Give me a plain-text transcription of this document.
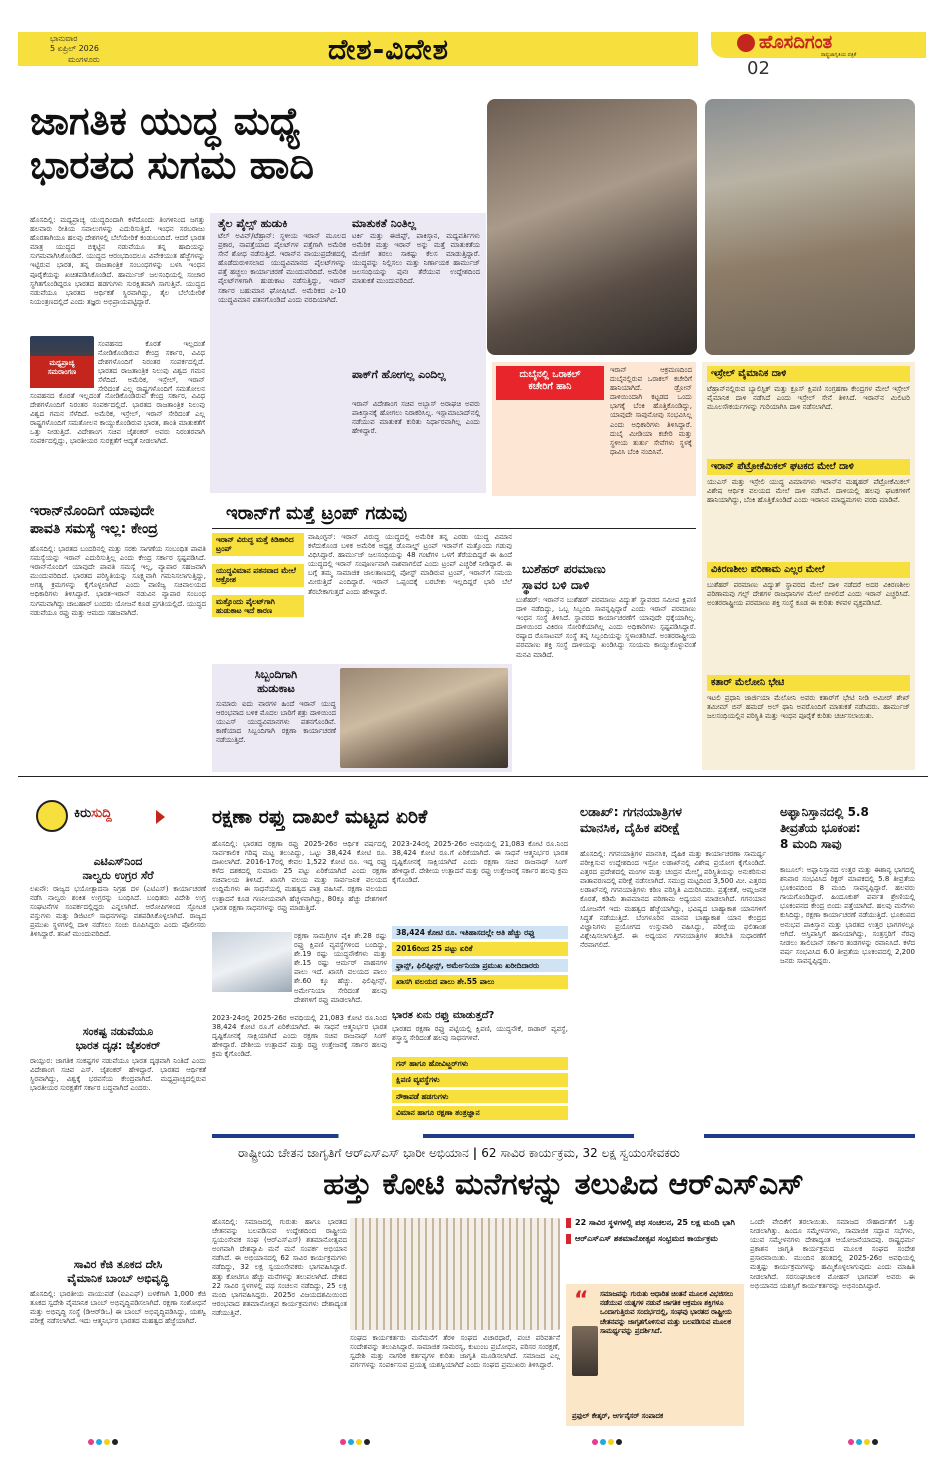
ಭಾನುವಾರ
5 ಏಪ್ರಿಲ್ 2026
ಮಂಗಳೂರು	ದೇಶ-ವಿದೇಶ	ಹೊಸದಿಗಂತ
ರಾಷ್ಟ್ರಜಾಗೃತಿಯ ಪತ್ರಿಕೆ
02
ಜಾಗತಿಕ ಯುದ್ಧ ಮಧ್ಯೆ
ಭಾರತದ ಸುಗಮ ಹಾದಿ
ಹೊಸದಿಲ್ಲಿ: ಮಧ್ಯಪ್ರಾಚ್ಯ ಯುದ್ಧದಿಂದಾಗಿ ಕಳೆದೊಂದು ತಿಂಗಳಿನಿಂದ ಜಗತ್ತು ಹಲವಾರು ರೀತಿಯ ಸವಾಲುಗಳನ್ನು ಎದುರಿಸುತ್ತಿದೆ. ಇಂಧನ ಸರಬರಾಜು ಹೊರತಾಗಿಯೂ ಹಲವು ದೇಶಗಳಲ್ಲಿ ಬೆಲೆಯೇರಿಕೆ ಕಂಡುಬಂದಿದೆ. ಆದರೆ ಭಾರತ ಮಾತ್ರ ಯುದ್ಧದ ಬಿಕ್ಕಟ್ಟಿನ ನಡುವೆಯೂ ತನ್ನ ಹಾದಿಯನ್ನು ಸುಗಮವಾಗಿಸಿಕೊಂಡಿದೆ. ಯುದ್ಧದ ಆರಂಭದಿಂದಲೂ ವಿವೇಕಯುತ ಹೆಜ್ಜೆಗಳನ್ನು ಇಟ್ಟಿರುವ ಭಾರತ, ತನ್ನ ರಾಜತಾಂತ್ರಿಕ ಸಂಬಂಧಗಳನ್ನು ಬಳಸಿ ಇಂಧನ ಪೂರೈಕೆಯನ್ನು ಖಚಿತಪಡಿಸಿಕೊಂಡಿದೆ. ಹಾರ್ಮುಜ್ ಜಲಸಂಧಿಯಲ್ಲಿ ಸಂಚಾರ ಸ್ಥಗಿತಗೊಂಡಿದ್ದರೂ ಭಾರತದ ಹಡಗುಗಳು ಸುರಕ್ಷಿತವಾಗಿ ಸಾಗುತ್ತಿವೆ. ಯುದ್ಧದ ನಡುವೆಯೂ ಭಾರತದ ಆರ್ಥಿಕತೆ ಸ್ಥಿರವಾಗಿದ್ದು, ತೈಲ ಬೆಲೆಯೇರಿಕೆ ನಿಯಂತ್ರಣದಲ್ಲಿದೆ ಎಂದು ತಜ್ಞರು ಅಭಿಪ್ರಾಯಪಟ್ಟಿದ್ದಾರೆ.
ಮಧ್ಯಪ್ರಾಚ್ಯ
ಸಮರಾಂಗಣ
ಸಂವಹನದ ಕೊರತೆ ಇಲ್ಲದಂತೆ ನೋಡಿಕೊಂಡಿರುವ ಕೇಂದ್ರ ಸರ್ಕಾರ, ವಿವಿಧ ದೇಶಗಳೊಂದಿಗೆ ನಿರಂತರ ಸಂಪರ್ಕದಲ್ಲಿದೆ. ಭಾರತದ ರಾಜತಾಂತ್ರಿಕ ನಿಲುವು ವಿಶ್ವದ ಗಮನ ಸೆಳೆದಿದೆ. ಅಮೆರಿಕ, ಇಸ್ರೇಲ್, ಇರಾನ್ ಸೇರಿದಂತೆ ಎಲ್ಲ ರಾಷ್ಟ್ರಗಳೊಂದಿಗೆ ಸಮತೋಲನ
ಸಂವಹನದ ಕೊರತೆ ಇಲ್ಲದಂತೆ ನೋಡಿಕೊಂಡಿರುವ ಕೇಂದ್ರ ಸರ್ಕಾರ, ವಿವಿಧ ದೇಶಗಳೊಂದಿಗೆ ನಿರಂತರ ಸಂಪರ್ಕದಲ್ಲಿದೆ. ಭಾರತದ ರಾಜತಾಂತ್ರಿಕ ನಿಲುವು ವಿಶ್ವದ ಗಮನ ಸೆಳೆದಿದೆ. ಅಮೆರಿಕ, ಇಸ್ರೇಲ್, ಇರಾನ್ ಸೇರಿದಂತೆ ಎಲ್ಲ ರಾಷ್ಟ್ರಗಳೊಂದಿಗೆ ಸಮತೋಲನ ಕಾಯ್ದುಕೊಂಡಿರುವ ಭಾರತ, ಶಾಂತಿ ಮಾತುಕತೆಗೆ ಒತ್ತು ನೀಡುತ್ತಿದೆ. ವಿದೇಶಾಂಗ ಸಚಿವ ಜೈಶಂಕರ್ ಅವರು ನಿರಂತರವಾಗಿ ಸಂಪರ್ಕದಲ್ಲಿದ್ದು, ಭಾರತೀಯರ ಸುರಕ್ಷತೆಗೆ ಆದ್ಯತೆ ನೀಡಲಾಗಿದೆ.
ತೈಲ ಪೈಲ್ಸ್ ಹುಡುಕಿ
ಟೆಲ್ ಅವಿವ್/ಟೆಹ್ರಾನ್: ಸ್ಥಳೀಯ ಇರಾನ್ ಮೂಲದ ಪ್ರಕಾರ, ನಾಪತ್ತೆಯಾದ ಪೈಲಟ್‌ಗಳ ಪತ್ತೆಗಾಗಿ ಅಮೆರಿಕ ಸೇನೆ ಶೋಧ ನಡೆಸುತ್ತಿದೆ. ಇರಾನ್‌ನ ವಾಯುಪ್ರದೇಶದಲ್ಲಿ ಹೊಡೆದುರುಳಿಸಲಾದ ಯುದ್ಧವಿಮಾನದ ಪೈಲಟ್‌ಗಳನ್ನು ಪತ್ತೆ ಹಚ್ಚಲು ಕಾರ್ಯಾಚರಣೆ ಮುಂದುವರಿದಿದೆ. ಅಮೆರಿಕ ಪೈಲಟ್‌ಗಳಿಗಾಗಿ ಹುಡುಕಾಟ ನಡೆಸುತ್ತಿದ್ದು, ಇರಾನ್ ಸರ್ಕಾರ ಬಹುಮಾನ ಘೋಷಿಸಿದೆ. ಅಮೆರಿಕದ ಎ-10 ಯುದ್ಧವಿಮಾನ ಪತನಗೊಂಡಿದೆ ಎಂದು ವರದಿಯಾಗಿದೆ.
ಮಾತುಕತೆ ನಿಂತಿಲ್ಲ
ಟರ್ಕಿ ಮತ್ತು ಈಜಿಪ್ಟ್, ಪಾಕಿಸ್ತಾನ, ಮಧ್ಯವರ್ತಿಗಳು ಅಮೆರಿಕ ಮತ್ತು ಇರಾನ್ ಅನ್ನು ಮತ್ತೆ ಮಾತುಕತೆಯ ಮೇಜಿಗೆ ತರಲು ಸಾಕಷ್ಟು ಕೆಲಸ ಮಾಡುತ್ತಿದ್ದಾರೆ. ಯುದ್ಧವನ್ನು ನಿಲ್ಲಿಸಲು ಮತ್ತು ನಿರ್ಣಾಯಕ ಹಾರ್ಮುಜ್ ಜಲಸಂಧಿಯನ್ನು ಪುನಃ ತೆರೆಯುವ ಉದ್ದೇಶದಿಂದ ಮಾತುಕತೆ ಮುಂದುವರಿದಿದೆ.
ಪಾಕ್‌ಗೆ ಹೋಗಲ್ಲ ಎಂದಿಲ್ಲ
ಇರಾನ್ ವಿದೇಶಾಂಗ ಸಚಿವ ಅಬ್ಬಾಸ್ ಅರಾಘಚಿ ಅವರು ಪಾಕಿಸ್ತಾನಕ್ಕೆ ಹೋಗಲು ನಿರಾಕರಿಸಿಲ್ಲ. ಇಸ್ಲಾಮಾಬಾದ್‌ನಲ್ಲಿ ನಡೆಯುವ ಮಾತುಕತೆ ಕುರಿತು ನಿರ್ಧಾರವಾಗಿಲ್ಲ ಎಂದು ಹೇಳಿದ್ದಾರೆ.
ದುಬೈನಲ್ಲಿ ಒರಾಕಲ್
ಕಚೇರಿಗೆ ಹಾನಿ
ಇರಾನ್ ಆಕ್ರಮಣದಿಂದ ದುಬೈನಲ್ಲಿರುವ ಒರಾಕಲ್ ಕಚೇರಿಗೆ ಹಾನಿಯಾಗಿದೆ. ಡ್ರೋನ್ ದಾಳಿಯಿಂದಾಗಿ ಕಟ್ಟಡದ ಒಂದು ಭಾಗಕ್ಕೆ ಬೆಂಕಿ ಹೊತ್ತಿಕೊಂಡಿದ್ದು, ಯಾವುದೇ ಸಾವುನೋವು ಸಂಭವಿಸಿಲ್ಲ ಎಂದು ಅಧಿಕಾರಿಗಳು ತಿಳಿಸಿದ್ದಾರೆ. ದುಬೈ ಮೀಡಿಯಾ ಕಚೇರಿ ಮತ್ತು ಸ್ಥಳೀಯ ತುರ್ತು ಸೇವೆಗಳು ಸ್ಥಳಕ್ಕೆ ಧಾವಿಸಿ ಬೆಂಕಿ ನಂದಿಸಿವೆ.
ಇಸ್ರೇಲ್ ವೈಮಾನಿಕ ದಾಳಿ
ಟೆಹ್ರಾನ್‌ನಲ್ಲಿರುವ ಬ್ಯಾಲಿಸ್ಟಿಕ್ ಮತ್ತು ಕ್ರೂಸ್ ಕ್ಷಿಪಣಿ ಸಂಗ್ರಹಣಾ ಕೇಂದ್ರಗಳ ಮೇಲೆ ಇಸ್ರೇಲ್ ವೈಮಾನಿಕ ದಾಳಿ ನಡೆಸಿದೆ ಎಂದು ಇಸ್ರೇಲ್ ಸೇನೆ ತಿಳಿಸಿದೆ. ಇರಾನ್‌ನ ಮಿಲಿಟರಿ ಮೂಲಸೌಕರ್ಯಗಳನ್ನು ಗುರಿಯಾಗಿಸಿ ದಾಳಿ ನಡೆಸಲಾಗಿದೆ.
ಇರಾನ್ ಪೆಟ್ರೋಕೆಮಿಕಲ್ ಘಟಕದ ಮೇಲೆ ದಾಳಿ
ಯುಎಸ್ ಮತ್ತು ಇಸ್ರೇಲಿ ಯುದ್ಧ ವಿಮಾನಗಳು ಇರಾನ್‌ನ ಮಹ್ಶಹರ್ ಪೆಟ್ರೋಕೆಮಿಕಲ್ ವಿಶೇಷ ಆರ್ಥಿಕ ವಲಯದ ಮೇಲೆ ದಾಳಿ ನಡೆಸಿವೆ. ದಾಳಿಯಲ್ಲಿ ಹಲವು ಘಟಕಗಳಿಗೆ ಹಾನಿಯಾಗಿದ್ದು, ಬೆಂಕಿ ಹೊತ್ತಿಕೊಂಡಿದೆ ಎಂದು ಇರಾನಿನ ಮಾಧ್ಯಮಗಳು ವರದಿ ಮಾಡಿವೆ.
ವಿಕಿರಣಶೀಲ ಪರಿಣಾಮ ಎಲ್ಲರ ಮೇಲೆ
ಬುಶೆಹರ್ ಪರಮಾಣು ವಿದ್ಯುತ್ ಸ್ಥಾವರದ ಮೇಲೆ ದಾಳಿ ನಡೆದರೆ ಅದರ ವಿಕಿರಣಶೀಲ ಪರಿಣಾಮವು ಗಲ್ಫ್ ದೇಶಗಳ ರಾಜಧಾನಿಗಳ ಮೇಲೆ ಬೀಳಲಿದೆ ಎಂದು ಇರಾನ್ ಎಚ್ಚರಿಸಿದೆ. ಅಂತರರಾಷ್ಟ್ರೀಯ ಪರಮಾಣು ಶಕ್ತಿ ಸಂಸ್ಥೆ ಕೂಡ ಈ ಕುರಿತು ಕಳವಳ ವ್ಯಕ್ತಪಡಿಸಿದೆ.
ಕತಾರ್ ಮೆಲೋನಿ ಭೇಟಿ
ಇಟಲಿ ಪ್ರಧಾನಿ ಜಾರ್ಜಿಯಾ ಮೆಲೋನಿ ಅವರು ಕತಾರ್‌ಗೆ ಭೇಟಿ ನೀಡಿ ಅಮೀರ್ ಶೇಖ್ ತಮೀಮ್ ಬಿನ್ ಹಮದ್ ಅಲ್ ಥಾನಿ ಅವರೊಂದಿಗೆ ಮಾತುಕತೆ ನಡೆಸಿದರು. ಹಾರ್ಮುಜ್ ಜಲಸಂಧಿಯಲ್ಲಿನ ಪರಿಸ್ಥಿತಿ ಮತ್ತು ಇಂಧನ ಪೂರೈಕೆ ಕುರಿತು ಚರ್ಚಿಸಲಾಯಿತು.
ಇರಾನ್‌ನೊಂದಿಗೆ ಯಾವುದೇ
ಪಾವತಿ ಸಮಸ್ಯೆ ಇಲ್ಲ: ಕೇಂದ್ರ
ಹೊಸದಿಲ್ಲಿ: ಭಾರತದ ಬಂದರಿನಲ್ಲಿ ಮತ್ತು ಸರಕು ಸಾಗಣೆಯ ಸಂಬಂಧಿತ ಪಾವತಿ ಸಮಸ್ಯೆಯನ್ನು ಇರಾನ್ ಎದುರಿಸುತ್ತಿಲ್ಲ ಎಂದು ಕೇಂದ್ರ ಸರ್ಕಾರ ಸ್ಪಷ್ಟಪಡಿಸಿದೆ. ಇರಾನ್‌ನೊಂದಿಗೆ ಯಾವುದೇ ಪಾವತಿ ಸಮಸ್ಯೆ ಇಲ್ಲ, ವ್ಯಾಪಾರ ಸಹಜವಾಗಿ ಮುಂದುವರಿದಿದೆ. ಭಾರತದ ಪರಿಸ್ಥಿತಿಯನ್ನು ಸೂಕ್ಷ್ಮವಾಗಿ ಗಮನಿಸಲಾಗುತ್ತಿದ್ದು, ಅಗತ್ಯ ಕ್ರಮಗಳನ್ನು ಕೈಗೊಳ್ಳಲಾಗಿದೆ ಎಂದು ವಾಣಿಜ್ಯ ಸಚಿವಾಲಯದ ಅಧಿಕಾರಿಗಳು ತಿಳಿಸಿದ್ದಾರೆ. ಭಾರತ-ಇರಾನ್ ನಡುವಿನ ವ್ಯಾಪಾರ ಸಂಬಂಧ ಸುಗಮವಾಗಿದ್ದು ಚಾಬಹಾರ್ ಬಂದರು ಯೋಜನೆ ಕೂಡ ಪ್ರಗತಿಯಲ್ಲಿದೆ. ಯುದ್ಧದ ನಡುವೆಯೂ ರಫ್ತು ಮತ್ತು ಆಮದು ಸಹಜವಾಗಿದೆ.
ಇರಾನ್‌ಗೆ ಮತ್ತೆ ಟ್ರಂಪ್ ಗಡುವು
ಇರಾನ್ ವಿರುದ್ಧ ಮತ್ತೆ ಕಿಡಿಕಾರಿದ ಟ್ರಂಪ್
ಯುದ್ಧವಿಮಾನ ಪತನವಾದ ಮೇಲೆ ಆಕ್ರೋಶ
ಮತ್ತೊಂದು ಪೈಲಟ್‌ಗಾಗಿ ಹುಡುಕಾಟ ಇದೆ ಕಾರಣ
ವಾಷಿಂಗ್ಟನ್: ಇರಾನ್ ವಿರುದ್ಧ ಯುದ್ಧದಲ್ಲಿ ಅಮೆರಿಕ ತನ್ನ ಎರಡು ಯುದ್ಧ ವಿಮಾನ ಕಳೆದುಕೊಂಡ ಬಳಿಕ ಅಮೆರಿಕ ಅಧ್ಯಕ್ಷ ಡೊನಾಲ್ಡ್ ಟ್ರಂಪ್ ಇರಾನ್‌ಗೆ ಮತ್ತೊಂದು ಗಡುವು ವಿಧಿಸಿದ್ದಾರೆ. ಹಾರ್ಮುಜ್ ಜಲಸಂಧಿಯನ್ನು 48 ಗಂಟೆಗಳ ಒಳಗೆ ತೆರೆಯದಿದ್ದರೆ ಈ ಹಿಂದೆ ಯುದ್ಧದಲ್ಲಿ ಇರಾನ್ ಸಂಪೂರ್ಣವಾಗಿ ನಾಶವಾಗಲಿದೆ ಎಂದು ಟ್ರಂಪ್ ಎಚ್ಚರಿಕೆ ನೀಡಿದ್ದಾರೆ. ಈ ಬಗ್ಗೆ ತಮ್ಮ ಸಾಮಾಜಿಕ ಜಾಲತಾಣದಲ್ಲಿ ಪೋಸ್ಟ್ ಮಾಡಿರುವ ಟ್ರಂಪ್, ಇರಾನ್‌ಗೆ ಸಮಯ ಮೀರುತ್ತಿದೆ ಎಂದಿದ್ದಾರೆ. ಇರಾನ್ ಒಪ್ಪಂದಕ್ಕೆ ಬರಬೇಕು ಇಲ್ಲದಿದ್ದರೆ ಭಾರಿ ಬೆಲೆ ತೆರಬೇಕಾಗುತ್ತದೆ ಎಂದು ಹೇಳಿದ್ದಾರೆ.
ಬುಶೆಹರ್ ಪರಮಾಣು
ಸ್ಥಾವರ ಬಳಿ ದಾಳಿ
ಬುಶೆಹರ್: ಇರಾನ್‌ನ ಬುಶೆಹರ್ ಪರಮಾಣು ವಿದ್ಯುತ್ ಸ್ಥಾವರದ ಸಮೀಪ ಕ್ಷಿಪಣಿ ದಾಳಿ ನಡೆದಿದ್ದು, ಒಬ್ಬ ಸಿಬ್ಬಂದಿ ಸಾವನ್ನಪ್ಪಿದ್ದಾರೆ ಎಂದು ಇರಾನ್ ಪರಮಾಣು ಇಂಧನ ಸಂಸ್ಥೆ ತಿಳಿಸಿದೆ. ಸ್ಥಾವರದ ಕಾರ್ಯಾಚರಣೆಗೆ ಯಾವುದೇ ಧಕ್ಕೆಯಾಗಿಲ್ಲ. ದಾಳಿಯಿಂದ ವಿಕಿರಣ ಸೋರಿಕೆಯಾಗಿಲ್ಲ ಎಂದು ಅಧಿಕಾರಿಗಳು ಸ್ಪಷ್ಟಪಡಿಸಿದ್ದಾರೆ. ರಷ್ಯಾದ ರೊಸಾಟಮ್ ಸಂಸ್ಥೆ ತನ್ನ ಸಿಬ್ಬಂದಿಯನ್ನು ಸ್ಥಳಾಂತರಿಸಿದೆ. ಅಂತರರಾಷ್ಟ್ರೀಯ ಪರಮಾಣು ಶಕ್ತಿ ಸಂಸ್ಥೆ ದಾಳಿಯನ್ನು ಖಂಡಿಸಿದ್ದು ಸಂಯಮ ಕಾಯ್ದುಕೊಳ್ಳುವಂತೆ ಮನವಿ ಮಾಡಿದೆ.
ಸಿಬ್ಬಂದಿಗಾಗಿ
ಹುಡುಕಾಟ
ಸುಮಾರು ಐದು ವಾರಗಳ ಹಿಂದೆ ಇರಾನ್ ಯುದ್ಧ ಆರಂಭವಾದ ಬಳಿಕ ಮೊದಲ ಬಾರಿಗೆ ಶತ್ರು ದಾಳಿಯಿಂದ ಯುಎಸ್ ಯುದ್ಧವಿಮಾನಗಳು ಪತನಗೊಂಡಿವೆ. ಕಾಣೆಯಾದ ಸಿಬ್ಬಂದಿಗಾಗಿ ರಕ್ಷಣಾ ಕಾರ್ಯಾಚರಣೆ ನಡೆಯುತ್ತಿದೆ.
ಕಿರುಸುದ್ದಿ
ಎಟಿಎಸ್‌ನಿಂದ
ನಾಲ್ವರು ಉಗ್ರರ ಸೆರೆ
ಲಖನೌ: ರಾಜ್ಯದ ಭಯೋತ್ಪಾದನಾ ನಿಗ್ರಹ ದಳ (ಎಟಿಎಸ್) ಕಾರ್ಯಾಚರಣೆ ನಡೆಸಿ ನಾಲ್ವರು ಶಂಕಿತ ಉಗ್ರರನ್ನು ಬಂಧಿಸಿದೆ. ಬಂಧಿತರು ವಿದೇಶಿ ಉಗ್ರ ಸಂಘಟನೆಗಳ ಸಂಪರ್ಕದಲ್ಲಿದ್ದರು ಎನ್ನಲಾಗಿದೆ. ಆರೋಪಿಗಳಿಂದ ಸ್ಫೋಟಕ ವಸ್ತುಗಳು ಮತ್ತು ಡಿಜಿಟಲ್ ಸಾಧನಗಳನ್ನು ವಶಪಡಿಸಿಕೊಳ್ಳಲಾಗಿದೆ. ರಾಜ್ಯದ ಪ್ರಮುಖ ಸ್ಥಳಗಳಲ್ಲಿ ದಾಳಿ ನಡೆಸಲು ಸಂಚು ರೂಪಿಸಿದ್ದರು ಎಂದು ಪೊಲೀಸರು ತಿಳಿಸಿದ್ದಾರೆ. ತನಿಖೆ ಮುಂದುವರಿದಿದೆ.
ಸಂಕಷ್ಟ ನಡುವೆಯೂ
ಭಾರತ ದೃಢ: ಜೈಶಂಕರ್
ರಾಯ್ಪುರ: ಜಾಗತಿಕ ಸಂಕಷ್ಟಗಳ ನಡುವೆಯೂ ಭಾರತ ದೃಢವಾಗಿ ನಿಂತಿದೆ ಎಂದು ವಿದೇಶಾಂಗ ಸಚಿವ ಎಸ್. ಜೈಶಂಕರ್ ಹೇಳಿದ್ದಾರೆ. ಭಾರತದ ಆರ್ಥಿಕತೆ ಸ್ಥಿರವಾಗಿದ್ದು, ವಿಶ್ವಕ್ಕೆ ಭರವಸೆಯ ಕೇಂದ್ರವಾಗಿದೆ. ಮಧ್ಯಪ್ರಾಚ್ಯದಲ್ಲಿರುವ ಭಾರತೀಯರ ಸುರಕ್ಷತೆಗೆ ಸರ್ಕಾರ ಬದ್ಧವಾಗಿದೆ ಎಂದರು.
ಸಾವಿರ ಕೆಜಿ ತೂಕದ ದೇಸಿ
ವೈಮಾನಿಕ ಬಾಂಬ್ ಅಭಿವೃದ್ಧಿ
ಹೊಸದಿಲ್ಲಿ: ಭಾರತೀಯ ವಾಯುಪಡೆ (ಐಎಎಫ್) ಬಳಕೆಗಾಗಿ 1,000 ಕೆಜಿ ತೂಕದ ಸ್ವದೇಶಿ ವೈಮಾನಿಕ ಬಾಂಬ್ ಅಭಿವೃದ್ಧಿಪಡಿಸಲಾಗಿದೆ. ರಕ್ಷಣಾ ಸಂಶೋಧನೆ ಮತ್ತು ಅಭಿವೃದ್ಧಿ ಸಂಸ್ಥೆ (ಡಿಆರ್‌ಡಿಒ) ಈ ಬಾಂಬ್ ಅಭಿವೃದ್ಧಿಪಡಿಸಿದ್ದು, ಯಶಸ್ವಿ ಪರೀಕ್ಷೆ ನಡೆಸಲಾಗಿದೆ. ಇದು ಆತ್ಮನಿರ್ಭರ ಭಾರತದ ಮಹತ್ವದ ಹೆಜ್ಜೆಯಾಗಿದೆ.
ರಕ್ಷಣಾ ರಫ್ತು ದಾಖಲೆ ಮಟ್ಟದ ಏರಿಕೆ
ಹೊಸದಿಲ್ಲಿ: ಭಾರತದ ರಕ್ಷಣಾ ರಫ್ತು 2025-26ರ ಆರ್ಥಿಕ ವರ್ಷದಲ್ಲಿ ಸಾರ್ವಕಾಲಿಕ ಗರಿಷ್ಠ ಮಟ್ಟ ತಲುಪಿದ್ದು, ಒಟ್ಟು 38,424 ಕೋಟಿ ರೂ. ದಾಖಲಾಗಿದೆ. 2016-17ರಲ್ಲಿ ಕೇವಲ 1,522 ಕೋಟಿ ರೂ. ಇದ್ದ ರಫ್ತು ಕಳೆದ ದಶಕದಲ್ಲಿ ಸುಮಾರು 25 ಪಟ್ಟು ಏರಿಕೆಯಾಗಿದೆ ಎಂದು ರಕ್ಷಣಾ ಸಚಿವಾಲಯ ತಿಳಿಸಿದೆ. ಖಾಸಗಿ ವಲಯ ಮತ್ತು ಸಾರ್ವಜನಿಕ ವಲಯದ ಉದ್ದಿಮೆಗಳು ಈ ಸಾಧನೆಯಲ್ಲಿ ಮಹತ್ವದ ಪಾತ್ರ ವಹಿಸಿವೆ. ರಕ್ಷಣಾ ವಲಯದ ಉತ್ಪಾದನೆ ಕೂಡ ಗಣನೀಯವಾಗಿ ಹೆಚ್ಚಳವಾಗಿದ್ದು, 80ಕ್ಕೂ ಹೆಚ್ಚು ದೇಶಗಳಿಗೆ ಭಾರತ ರಕ್ಷಣಾ ಸಾಧನಗಳನ್ನು ರಫ್ತು ಮಾಡುತ್ತಿದೆ.
ರಕ್ಷಣಾ ಸಾಮಗ್ರಿಗಳ ಪೈಕಿ ಶೇ.28 ರಷ್ಟು ರಫ್ತು ಕ್ಷಿಪಣಿ ವ್ಯವಸ್ಥೆಗಳಿಂದ ಬಂದಿದ್ದು, ಶೇ.19 ರಷ್ಟು ಯುದ್ಧನೌಕೆಗಳು ಮತ್ತು ಶೇ.15 ರಷ್ಟು ಆರ್ಮರ್ ವಾಹನಗಳ ಪಾಲು ಇದೆ. ಖಾಸಗಿ ವಲಯದ ಪಾಲು ಶೇ.60 ಕ್ಕೂ ಹೆಚ್ಚು. ಫಿಲಿಪ್ಪೀನ್ಸ್, ಅರ್ಮೇನಿಯಾ ಸೇರಿದಂತೆ ಹಲವು ದೇಶಗಳಿಗೆ ರಫ್ತು ಮಾಡಲಾಗಿದೆ.
2023-24ರಲ್ಲಿ 2025-26ರ ಅವಧಿಯಲ್ಲಿ 21,083 ಕೋಟಿ ರೂ.ನಿಂದ 38,424 ಕೋಟಿ ರೂ.ಗೆ ಏರಿಕೆಯಾಗಿದೆ. ಈ ಸಾಧನೆ ಆತ್ಮನಿರ್ಭರ ಭಾರತ ದೃಷ್ಟಿಕೋನಕ್ಕೆ ಸಾಕ್ಷಿಯಾಗಿದೆ ಎಂದು ರಕ್ಷಣಾ ಸಚಿವ ರಾಜನಾಥ್ ಸಿಂಗ್ ಹೇಳಿದ್ದಾರೆ. ದೇಶೀಯ ಉತ್ಪಾದನೆ ಮತ್ತು ರಫ್ತು ಉತ್ತೇಜನಕ್ಕೆ ಸರ್ಕಾರ ಹಲವು ಕ್ರಮ ಕೈಗೊಂಡಿದೆ.
2023-24ರಲ್ಲಿ 2025-26ರ ಅವಧಿಯಲ್ಲಿ 21,083 ಕೋಟಿ ರೂ.ನಿಂದ 38,424 ಕೋಟಿ ರೂ.ಗೆ ಏರಿಕೆಯಾಗಿದೆ. ಈ ಸಾಧನೆ ಆತ್ಮನಿರ್ಭರ ಭಾರತ ದೃಷ್ಟಿಕೋನಕ್ಕೆ ಸಾಕ್ಷಿಯಾಗಿದೆ ಎಂದು ರಕ್ಷಣಾ ಸಚಿವ ರಾಜನಾಥ್ ಸಿಂಗ್ ಹೇಳಿದ್ದಾರೆ. ದೇಶೀಯ ಉತ್ಪಾದನೆ ಮತ್ತು ರಫ್ತು ಉತ್ತೇಜನಕ್ಕೆ ಸರ್ಕಾರ ಹಲವು ಕ್ರಮ ಕೈಗೊಂಡಿದೆ.
38,424 ಕೋಟಿ ರೂ. ಇತಿಹಾಸದಲ್ಲೇ ಅತಿ ಹೆಚ್ಚು ರಫ್ತು
2016ರಿಂದ 25 ಪಟ್ಟು ಏರಿಕೆ
ಫ್ರಾನ್ಸ್, ಫಿಲಿಪ್ಪೀನ್ಸ್, ಅರ್ಮೇನಿಯಾ ಪ್ರಮುಖ ಖರೀದಿದಾರರು
ಖಾಸಗಿ ವಲಯದ ಪಾಲು ಶೇ.55 ಪಾಲು
ಭಾರತ ಏನು ರಫ್ತು ಮಾಡುತ್ತದೆ?
ಭಾರತದ ರಕ್ಷಣಾ ರಫ್ತು ಪಟ್ಟಿಯಲ್ಲಿ ಕ್ಷಿಪಣಿ, ಯುದ್ಧನೌಕೆ, ರಾಡಾರ್ ವ್ಯವಸ್ಥೆ, ಶಸ್ತ್ರಾಸ್ತ್ರ ಸೇರಿದಂತೆ ಹಲವು ಸಾಧನಗಳಿವೆ.
ಗನ್ ಹಾಗೂ ಹೋವಿಟ್ಜರ್‌ಗಳು
ಕ್ಷಿಪಣಿ ವ್ಯವಸ್ಥೆಗಳು
ನೌಕಾಪಡೆ ಹಡಗುಗಳು
ವಿಮಾನ ಹಾಗೂ ರಕ್ಷಣಾ ತಂತ್ರಜ್ಞಾನ
ಲಡಾಖ್: ಗಗನಯಾತ್ರಿಗಳ
ಮಾನಸಿಕ, ದೈಹಿಕ ಪರೀಕ್ಷೆ
ಹೊಸದಿಲ್ಲಿ: ಗಗನಯಾತ್ರಿಗಳ ಮಾನಸಿಕ, ದೈಹಿಕ ಮತ್ತು ಕಾರ್ಯಾಚರಣಾ ಸಾಮರ್ಥ್ಯ ಪರೀಕ್ಷಿಸುವ ಉದ್ದೇಶದಿಂದ ಇಸ್ರೋ ಲಡಾಖ್‌ನಲ್ಲಿ ವಿಶೇಷ ಪ್ರಯೋಗ ಕೈಗೊಂಡಿದೆ. ಎತ್ತರದ ಪ್ರದೇಶದಲ್ಲಿ ಮಂಗಳ ಮತ್ತು ಚಂದ್ರನ ಮೇಲ್ಮೈ ಪರಿಸ್ಥಿತಿಯನ್ನು ಅನುಕರಿಸುವ ವಾತಾವರಣದಲ್ಲಿ ಪರೀಕ್ಷೆ ನಡೆಸಲಾಗಿದೆ. ಸಮುದ್ರ ಮಟ್ಟದಿಂದ 3,500 ಮೀ. ಎತ್ತರದ ಲಡಾಖ್‌ನಲ್ಲಿ ಗಗನಯಾತ್ರಿಗಳು ಕಠಿಣ ಪರಿಸ್ಥಿತಿ ಎದುರಿಸಿದರು. ಪ್ರತ್ಯೇಕತೆ, ಆಮ್ಲಜನಕ ಕೊರತೆ, ಕಡಿಮೆ ತಾಪಮಾನದ ಪರಿಣಾಮ ಅಧ್ಯಯನ ಮಾಡಲಾಗಿದೆ. ಗಗನಯಾನ ಯೋಜನೆಗೆ ಇದು ಮಹತ್ವದ ಹೆಜ್ಜೆಯಾಗಿದ್ದು, ಭವಿಷ್ಯದ ಬಾಹ್ಯಾಕಾಶ ಯಾನಗಳಿಗೆ ಸಿದ್ಧತೆ ನಡೆಯುತ್ತಿದೆ. ಬೆಂಗಳೂರಿನ ಮಾನವ ಬಾಹ್ಯಾಕಾಶ ಯಾನ ಕೇಂದ್ರದ ವಿಜ್ಞಾನಿಗಳು ಪ್ರಯೋಗದ ಉಸ್ತುವಾರಿ ವಹಿಸಿದ್ದು, ಪರೀಕ್ಷೆಯ ಫಲಿತಾಂಶ ವಿಶ್ಲೇಷಿಸಲಾಗುತ್ತಿದೆ. ಈ ಅಧ್ಯಯನ ಗಗನಯಾತ್ರಿಗಳ ತರಬೇತಿ ಸುಧಾರಣೆಗೆ ನೆರವಾಗಲಿದೆ.
ಅಫ್ಘಾನಿಸ್ತಾನದಲ್ಲಿ 5.8
ತೀವ್ರತೆಯ ಭೂಕಂಪ:
8 ಮಂದಿ ಸಾವು
ಕಾಬೂಲ್: ಅಫ್ಘಾನಿಸ್ತಾನದ ಉತ್ತರ ಮತ್ತು ಈಶಾನ್ಯ ಭಾಗದಲ್ಲಿ ಶನಿವಾರ ಸಂಭವಿಸಿದ ರಿಕ್ಟರ್ ಮಾಪಕದಲ್ಲಿ 5.8 ತೀವ್ರತೆಯ ಭೂಕಂಪದಿಂದ 8 ಮಂದಿ ಸಾವನ್ನಪ್ಪಿದ್ದಾರೆ. ಹಲವರು ಗಾಯಗೊಂಡಿದ್ದಾರೆ. ಹಿಂದೂಕುಶ್ ಪರ್ವತ ಶ್ರೇಣಿಯಲ್ಲಿ ಭೂಕಂಪನದ ಕೇಂದ್ರ ಬಿಂದು ಪತ್ತೆಯಾಗಿದೆ. ಹಲವು ಮನೆಗಳು ಕುಸಿದಿದ್ದು, ರಕ್ಷಣಾ ಕಾರ್ಯಾಚರಣೆ ನಡೆಯುತ್ತಿದೆ. ಭೂಕಂಪದ ಅನುಭವ ಪಾಕಿಸ್ತಾನ ಮತ್ತು ಭಾರತದ ಉತ್ತರ ಭಾಗಗಳಲ್ಲೂ ಆಗಿದೆ. ಆಸ್ತಿಪಾಸ್ತಿಗೆ ಹಾನಿಯಾಗಿದ್ದು, ಸಂತ್ರಸ್ತರಿಗೆ ನೆರವು ನೀಡಲು ತಾಲಿಬಾನ್ ಸರ್ಕಾರ ತಂಡಗಳನ್ನು ರವಾನಿಸಿದೆ. ಕಳೆದ ವರ್ಷ ಸಂಭವಿಸಿದ 6.0 ತೀವ್ರತೆಯ ಭೂಕಂಪದಲ್ಲಿ 2,200 ಜನರು ಸಾವನ್ನಪ್ಪಿದ್ದರು.
ರಾಷ್ಟ್ರೀಯ ಚೇತನ ಜಾಗೃತಿಗೆ ಆರ್‌ಎಸ್‌ಎಸ್ ಭಾರೀ ಅಭಿಯಾನ | 62 ಸಾವಿರ ಕಾರ್ಯಕ್ರಮ, 32 ಲಕ್ಷ ಸ್ವಯಂಸೇವಕರು
ಹತ್ತು ಕೋಟಿ ಮನೆಗಳನ್ನು ತಲುಪಿದ ಆರ್‌ಎಸ್‌ಎಸ್
ಹೊಸದಿಲ್ಲಿ: ಸಮಾಜದಲ್ಲಿ ಗುರುತು ಹಾಗೂ ಭಾರತದ ಚೇತನವನ್ನು ಬಲಪಡಿಸುವ ಉದ್ದೇಶದಿಂದ ರಾಷ್ಟ್ರೀಯ ಸ್ವಯಂಸೇವಕ ಸಂಘ (ಆರ್‌ಎಸ್‌ಎಸ್) ಶತಮಾನೋತ್ಸವದ ಅಂಗವಾಗಿ ದೇಶವ್ಯಾಪಿ ಮನೆ ಮನೆ ಸಂಪರ್ಕ ಅಭಿಯಾನ ನಡೆಸಿದೆ. ಈ ಅಭಿಯಾನದಲ್ಲಿ 62 ಸಾವಿರ ಕಾರ್ಯಕ್ರಮಗಳು ನಡೆದಿದ್ದು, 32 ಲಕ್ಷ ಸ್ವಯಂಸೇವಕರು ಭಾಗವಹಿಸಿದ್ದಾರೆ. ಹತ್ತು ಕೋಟಿಗೂ ಹೆಚ್ಚು ಮನೆಗಳನ್ನು ತಲುಪಲಾಗಿದೆ. ದೇಶದ 22 ಸಾವಿರ ಸ್ಥಳಗಳಲ್ಲಿ ಪಥ ಸಂಚಲನ ನಡೆದಿದ್ದು, 25 ಲಕ್ಷ ಮಂದಿ ಭಾಗವಹಿಸಿದ್ದರು. 2025ರ ವಿಜಯದಶಮಿಯಿಂದ ಆರಂಭವಾದ ಶತಮಾನೋತ್ಸವ ಕಾರ್ಯಕ್ರಮಗಳು ದೇಶಾದ್ಯಂತ ನಡೆಯುತ್ತಿವೆ.
ಸಂಘದ ಕಾರ್ಯಕರ್ತರು ಮನೆಮನೆಗೆ ತೆರಳಿ ಸಂಘದ ವಿಚಾರಧಾರೆ, ಪಂಚ ಪರಿವರ್ತನೆ ಸಂದೇಶವನ್ನು ತಲುಪಿಸಿದ್ದಾರೆ. ಸಾಮಾಜಿಕ ಸಾಮರಸ್ಯ, ಕುಟುಂಬ ಪ್ರಬೋಧನ, ಪರಿಸರ ಸಂರಕ್ಷಣೆ, ಸ್ವದೇಶಿ ಮತ್ತು ನಾಗರಿಕ ಕರ್ತವ್ಯಗಳ ಕುರಿತು ಜಾಗೃತಿ ಮೂಡಿಸಲಾಗಿದೆ. ಸಮಾಜದ ಎಲ್ಲ ವರ್ಗಗಳನ್ನು ಸಂಪರ್ಕಿಸುವ ಪ್ರಯತ್ನ ಯಶಸ್ವಿಯಾಗಿದೆ ಎಂದು ಸಂಘದ ಪ್ರಮುಖರು ತಿಳಿಸಿದ್ದಾರೆ.
22 ಸಾವಿರ ಸ್ಥಳಗಳಲ್ಲಿ ಪಥ ಸಂಚಲನ, 25 ಲಕ್ಷ ಮಂದಿ ಭಾಗಿ
ಆರ್‌ಎಸ್‌ಎಸ್ ಶತಮಾನೋತ್ಸವ ಸಂಭ್ರಮದ ಕಾರ್ಯಕ್ರಮ
“ ಸಮಾಜವನ್ನು ಗುರುತು ಆಧಾರಿತ ಚಿಂತನೆ ಮೂಲಕ ವಿಭಜಿಸಲು ನಡೆಯುವ ಯತ್ನಗಳ ನಡುವೆ ಜಾಗತಿಕ ಆಕ್ರಮಣ ಶಕ್ತಿಗಳೂ ಒಂದಾಗುತ್ತಿರುವ ಸಂದರ್ಭದಲ್ಲಿ, ಸಂಘವು ಭಾರತದ ರಾಷ್ಟ್ರೀಯ ಚೇತನವನ್ನು ಜಾಗೃತಗೊಳಿಸುವ ಮತ್ತು ಬಲಪಡಿಸುವ ಮೂಲಕ ಸಾಮರ್ಥ್ಯವನ್ನು ಪ್ರದರ್ಶಿಸಿದೆ.
ಪ್ರಫುಲ್ ಕೇತ್ಕರ್, ಆರ್ಗನೈಸರ್ ಸಂಪಾದಕ
ಒಂದೇ ವೇದಿಕೆಗೆ ತರಲಾಯಿತು. ಸಮಾಜದ ಸೌಹಾರ್ದತೆಗೆ ಒತ್ತು ನೀಡಲಾಗಿತ್ತು. ಹಿಂದೂ ಸಮ್ಮೇಳನಗಳು, ಸಾಮಾಜಿಕ ಸದ್ಭಾವ ಸಭೆಗಳು, ಯುವ ಸಮ್ಮೇಳನಗಳು ದೇಶಾದ್ಯಂತ ಆಯೋಜನೆಯಾದವು. ರಾಷ್ಟ್ರಧರ್ಮ ಪ್ರಕಾಶನ ಜಾಗೃತಿ ಕಾರ್ಯಕ್ರಮದ ಮೂಲಕ ಸಂಘದ ಸಂದೇಶ ಪ್ರಸಾರವಾಯಿತು. ಮುಂದಿನ ಹಂತದಲ್ಲಿ 2025-26ರ ಅವಧಿಯಲ್ಲಿ ಮತ್ತಷ್ಟು ಕಾರ್ಯಕ್ರಮಗಳನ್ನು ಹಮ್ಮಿಕೊಳ್ಳಲಾಗುವುದು ಎಂದು ಮಾಹಿತಿ ನೀಡಲಾಗಿದೆ. ಸರಸಂಘಚಾಲಕ ಮೋಹನ್ ಭಾಗವತ್ ಅವರು ಈ ಅಭಿಯಾನದ ಯಶಸ್ಸಿಗೆ ಕಾರ್ಯಕರ್ತರನ್ನು ಅಭಿನಂದಿಸಿದ್ದಾರೆ.
